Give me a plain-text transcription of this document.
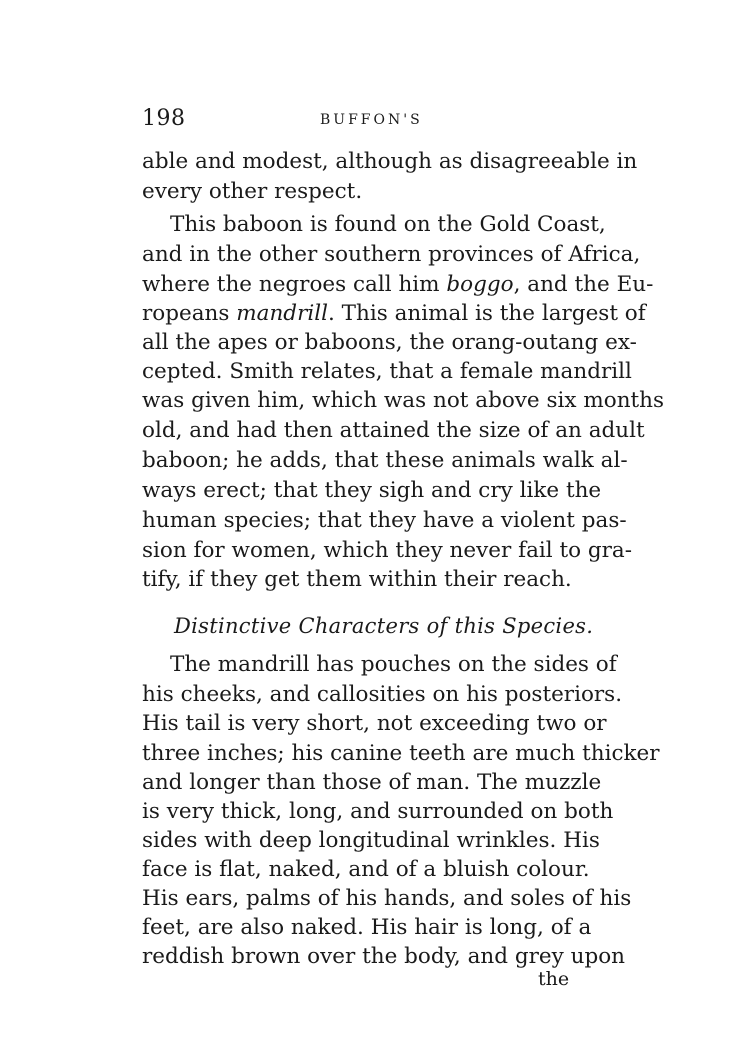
198	BUFFON'S
able and modest, although as disagreeable in
every other respect.
This baboon is found on the Gold Coast,
and in the other southern provinces of Africa,
where the negroes call him boggo, and the Eu-
ropeans mandrill. This animal is the largest of
all the apes or baboons, the orang-outang ex-
cepted. Smith relates, that a female mandrill
was given him, which was not above six months
old, and had then attained the size of an adult
baboon; he adds, that these animals walk al-
ways erect; that they sigh and cry like the
human species; that they have a violent pas-
sion for women, which they never fail to gra-
tify, if they get them within their reach.
Distinctive Characters of this Species.
The mandrill has pouches on the sides of
his cheeks, and callosities on his posteriors.
His tail is very short, not exceeding two or
three inches; his canine teeth are much thicker
and longer than those of man. The muzzle
is very thick, long, and surrounded on both
sides with deep longitudinal wrinkles. His
face is flat, naked, and of a bluish colour.
His ears, palms of his hands, and soles of his
feet, are also naked. His hair is long, of a
reddish brown over the body, and grey upon
the
